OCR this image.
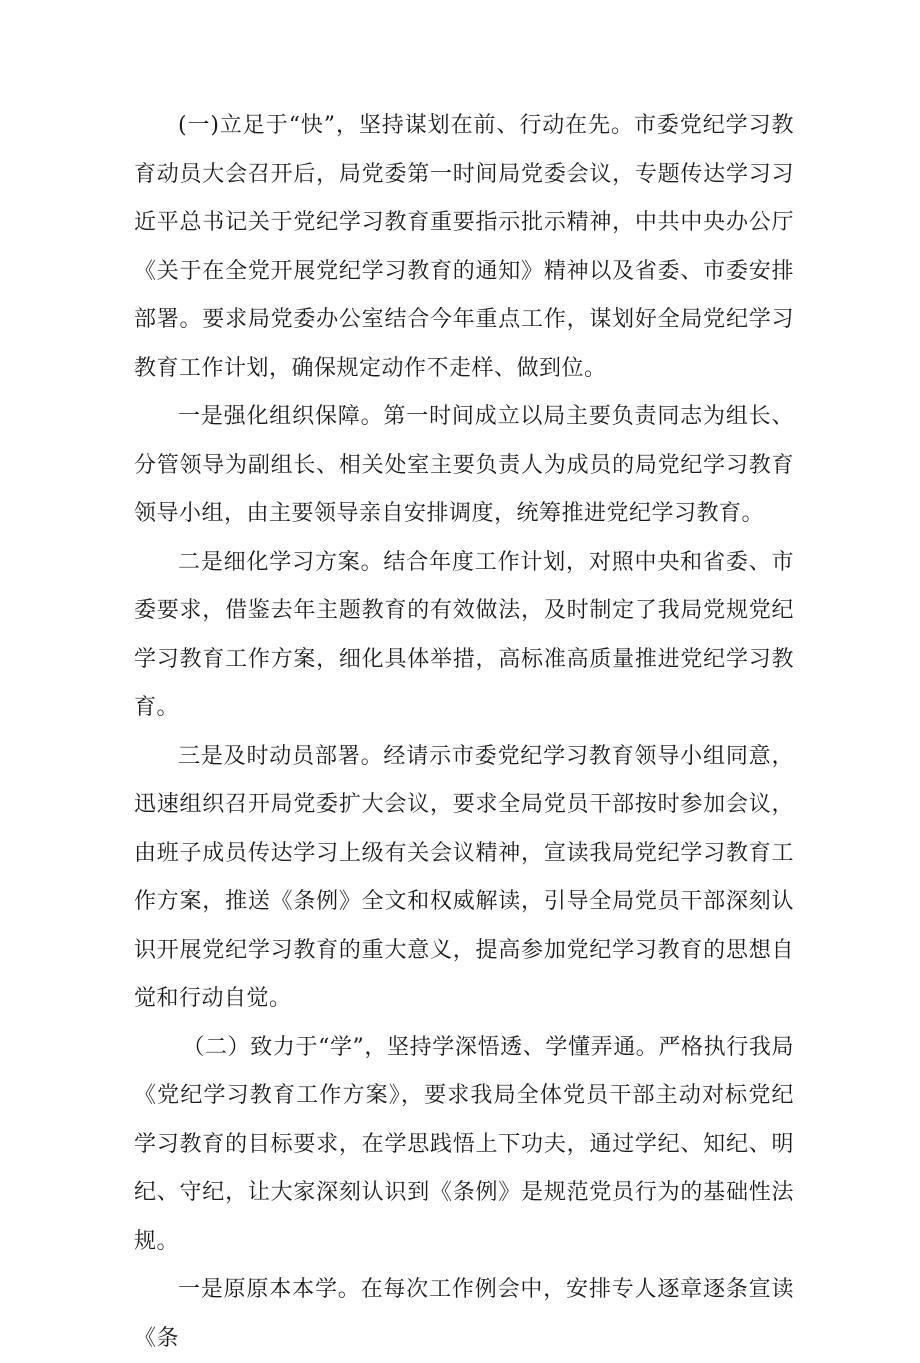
(一)立足于“快”，坚持谋划在前、行动在先。市委党纪学习教育动员大会召开后，局党委第一时间局党委会议，专题传达学习习近平总书记关于党纪学习教育重要指示批示精神，中共中央办公厅《关于在全党开展党纪学习教育的通知》精神以及省委、市委安排部署。要求局党委办公室结合今年重点工作，谋划好全局党纪学习教育工作计划，确保规定动作不走样、做到位。

一是强化组织保障。第一时间成立以局主要负责同志为组长、分管领导为副组长、相关处室主要负责人为成员的局党纪学习教育领导小组，由主要领导亲自安排调度，统筹推进党纪学习教育。

二是细化学习方案。结合年度工作计划，对照中央和省委、市委要求，借鉴去年主题教育的有效做法，及时制定了我局党规党纪学习教育工作方案，细化具体举措，高标准高质量推进党纪学习教育。

三是及时动员部署。经请示市委党纪学习教育领导小组同意，迅速组织召开局党委扩大会议，要求全局党员干部按时参加会议，由班子成员传达学习上级有关会议精神，宣读我局党纪学习教育工作方案，推送《条例》全文和权威解读，引导全局党员干部深刻认识开展党纪学习教育的重大意义，提高参加党纪学习教育的思想自觉和行动自觉。

（二）致力于“学”，坚持学深悟透、学懂弄通。严格执行我局《党纪学习教育工作方案》，要求我局全体党员干部主动对标党纪学习教育的目标要求，在学思践悟上下功夫，通过学纪、知纪、明纪、守纪，让大家深刻认识到《条例》是规范党员行为的基础性法规。

一是原原本本学。在每次工作例会中，安排专人逐章逐条宣读《条
